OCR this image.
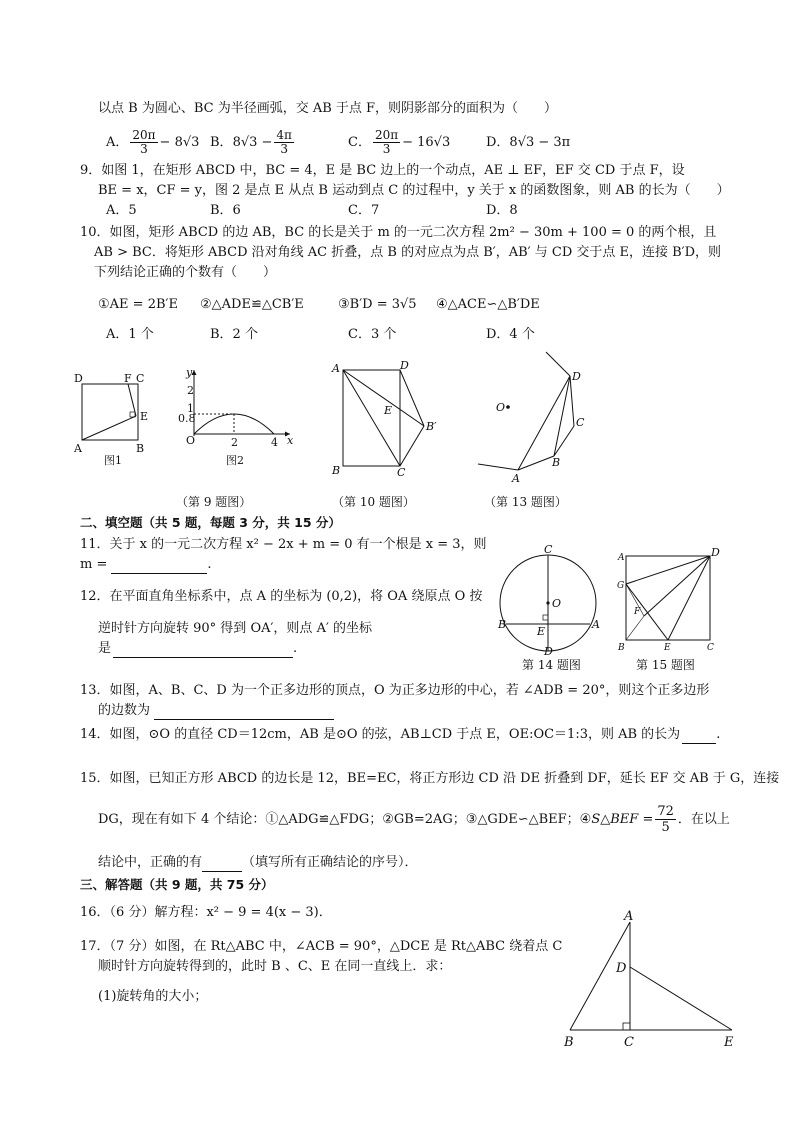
以点 B 为圆心、BC 为半径画弧，交 AB 于点 F，则阴影部分的面积为（　　）
A． $\frac{20\pi}{3} - 8√3$ B．$8√3 - \frac{4\pi}{3}$	C． $\frac{20\pi}{3} - 16√3$	D．8√3 − 3π
9．如图 1，在矩形 ABCD 中，BC = 4，E 是 BC 边上的一个动点，AE ⊥ EF，EF 交 CD 于点 F，设
BE = x，CF = y，图 2 是点 E 从点 B 运动到点 C 的过程中，y 关于 x 的函数图象，则 AB 的长为（　　）
A．5	B．6	C．7	D．8
10．如图，矩形 ABCD 的边 AB，BC 的长是关于 m 的一元二次方程 2m² − 30m + 100 = 0 的两个根，且
AB > BC．将矩形 ABCD 沿对角线 AC 折叠，点 B 的对应点为点 B′，AB′ 与 CD 交于点 E，连接 B′D，则
下列结论正确的个数有（　　）
①AE = 2B′E ②△ADE≌△CB′E	③B′D = 3√5 ④△ACE∽△B′DE
A．1 个	B．2 个	C．3 个	D．4 个
D	F C
E
A	B
图1
y
x
2
1
0.8
O	2	4
图2
A	D
E
B′
B	C
O
D
C
B
A
（第 9 题图）	（第 10 题图）	（第 13 题图）
二、填空题（共 5 题，每题 3 分，共 15 分）
11．关于 x 的一元二次方程 x² − 2x + m = 0 有一个根是 x = 3，则
m =	.
12．在平面直角坐标系中，点 A 的坐标为 (0,2)，将 OA 绕原点 O 按
逆时针方向旋转 90° 得到 OA′，则点 A′ 的坐标
是	.
C
O
B	A
E
D
A	D
G
F
B	E	C
第 14 题图	第 15 题图
13．如图，A、B、C、D 为一个正多边形的顶点，O 为正多边形的中心，若 ∠ADB = 20°，则这个正多边形
的边数为
14．如图，⊙O 的直径 CD＝12cm，AB 是⊙O 的弦，AB⊥CD 于点 E，OE:OC＝1:3，则 AB 的长为	.
15．如图，已知正方形 ABCD 的边长是 12，BE=EC，将正方形边 CD 沿 DE 折叠到 DF，延长 EF 交 AB 于 G，连接
DG，现在有如下 4 个结论：①△ADG≌△FDG；②GB=2AG；③△GDE∽△BEF；④S△BEF = $\frac{72}{5}$ ．在以上
结论中，正确的有	（填写所有正确结论的序号）．
三、解答题（共 9 题，共 75 分）
16．（6 分）解方程：x² − 9 = 4(x − 3)．
17．（7 分）如图，在 Rt△ABC 中，∠ACB = 90°，△DCE 是 Rt△ABC 绕着点 C
顺时针方向旋转得到的，此时 B 、C、E 在同一直线上．求：
(1)旋转角的大小；
A
D
B	C	E
